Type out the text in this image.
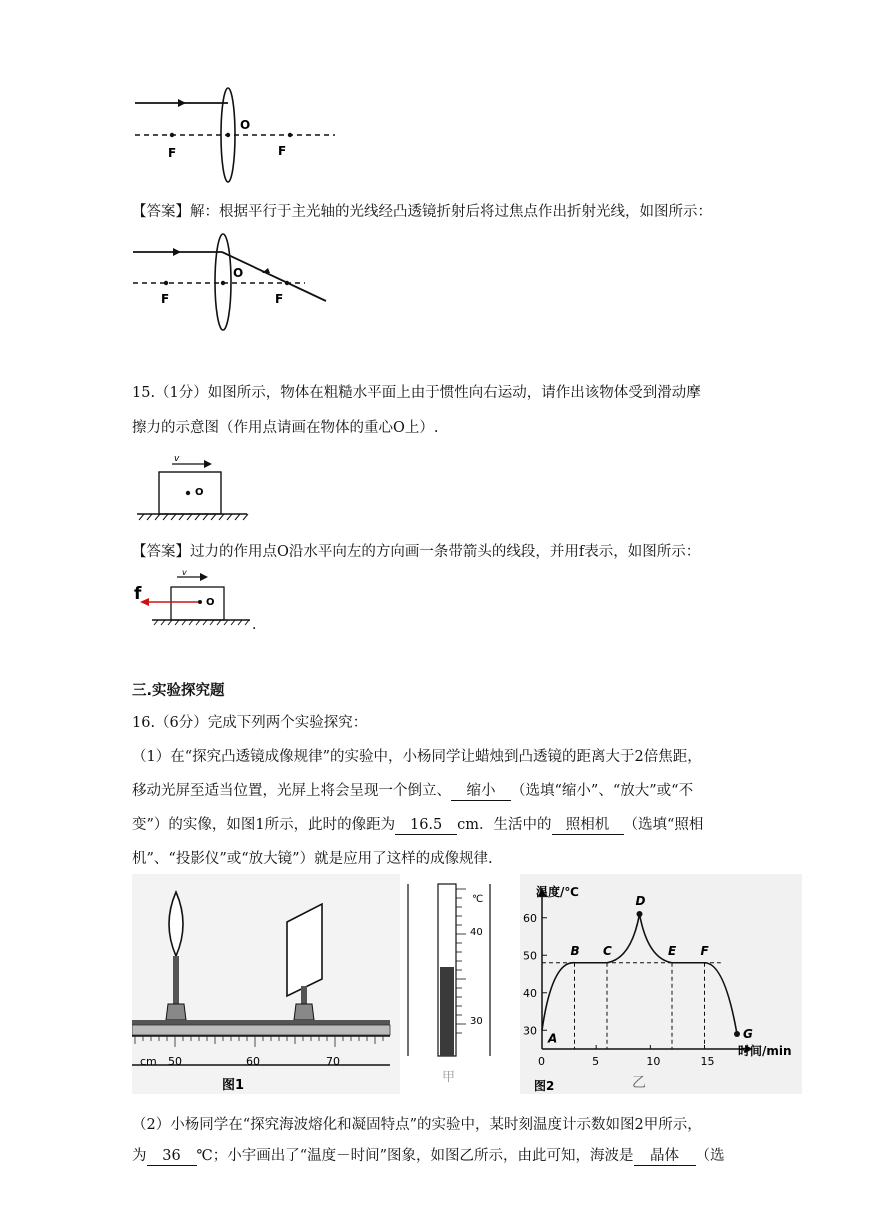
O
F	F
【答案】解：根据平行于主光轴的光线经凸透镜折射后将过焦点作出折射光线，如图所示：
O
F	F
15.（1分）如图所示，物体在粗糙水平面上由于惯性向右运动，请作出该物体受到滑动摩
擦力的示意图（作用点请画在物体的重心O上）.
v
O
【答案】过力的作用点O沿水平向左的方向画一条带箭头的线段，并用f表示，如图所示：
f
v
O
.
三.实验探究题
16.（6分）完成下列两个实验探究：
（1）在“探究凸透镜成像规律”的实验中，小杨同学让蜡烛到凸透镜的距离大于2倍焦距，
移动光屏至适当位置，光屏上将会呈现一个倒立、 缩小 （选填“缩小”、“放大”或“不
变”）的实像，如图1所示，此时的像距为 16.5 cm．生活中的 照相机 （选填“照相
机”、“投影仪”或“放大镜”）就是应用了这样的成像规律.
cm 50	60	70
图1
℃
40
30
甲
60
50
40
30
0	5	10	15
A
B C
D
E F
G
温度/℃
时间/min
图2	乙
（2）小杨同学在“探究海波熔化和凝固特点”的实验中，某时刻温度计示数如图2甲所示，
为 36 ℃；小宇画出了“温度－时间”图象，如图乙所示，由此可知，海波是 晶体 （选
